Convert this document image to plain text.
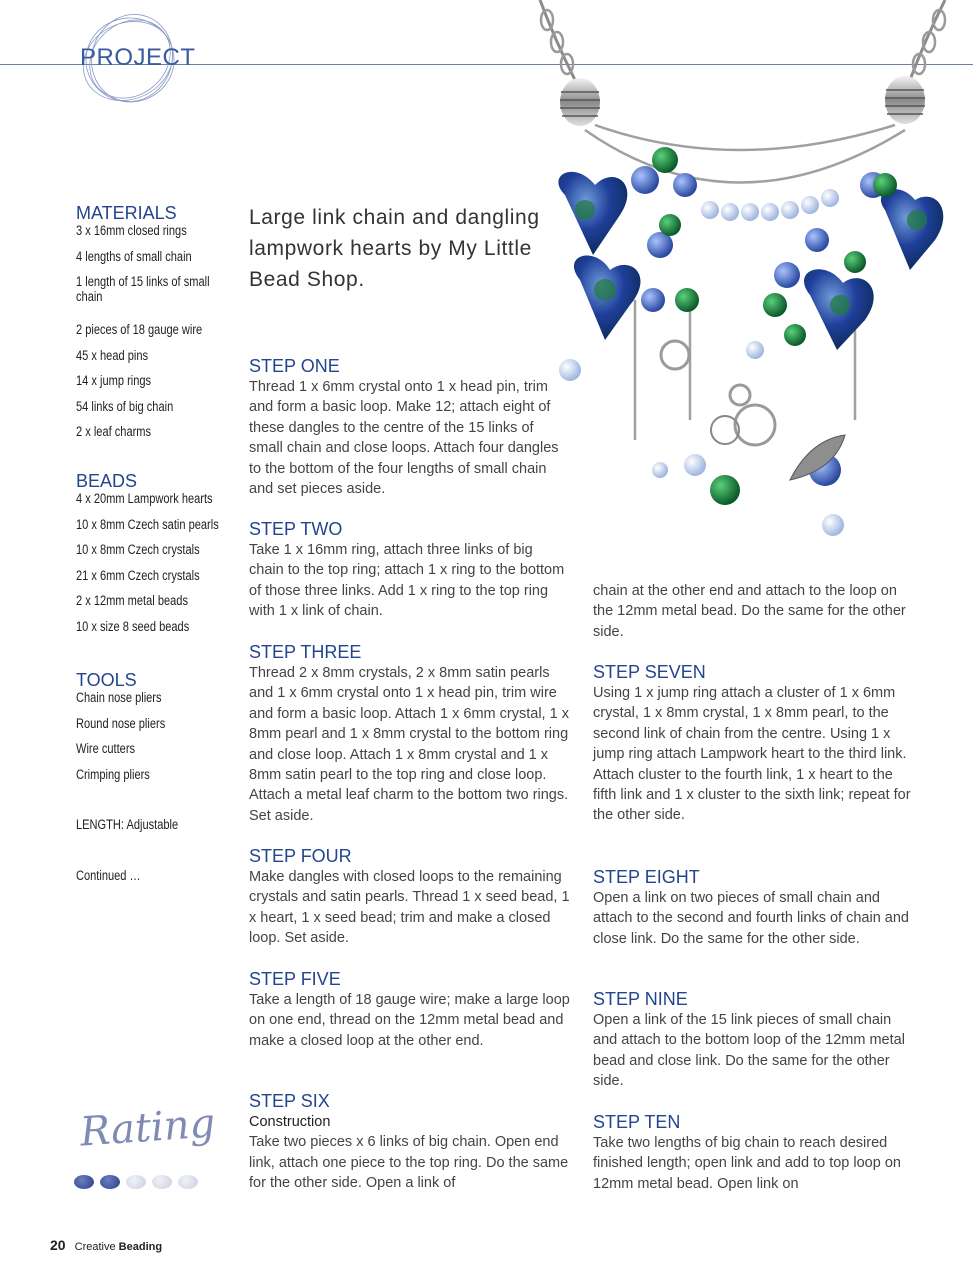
PROJECT
MATERIALS
3 x 16mm closed rings
4 lengths of small chain
1 length of 15 links of small chain
2 pieces of 18 gauge wire
45 x head pins
14 x jump rings
54 links of big chain
2 x leaf charms
BEADS
4 x 20mm Lampwork hearts
10 x 8mm Czech satin pearls
10 x 8mm Czech crystals
21 x 6mm Czech crystals
2 x 12mm metal beads
10 x size 8 seed beads
TOOLS
Chain nose pliers
Round nose pliers
Wire cutters
Crimping pliers
LENGTH: Adjustable
Continued …
Large link chain and dangling lampwork hearts by My Little Bead Shop.
STEP ONE

Thread 1 x 6mm crystal onto 1 x head pin, trim and form a basic loop. Make 12; attach eight of these dangles to the centre of the 15 links of small chain and close loops. Attach four dangles to the bottom of the four lengths of small chain and set pieces aside.

STEP TWO

Take 1 x 16mm ring, attach three links of big chain to the top ring; attach 1 x ring to the bottom of those three links. Add 1 x ring to the top ring with 1 x link of chain.

STEP THREE

Thread 2 x 8mm crystals, 2 x 8mm satin pearls and 1 x 6mm crystal onto 1 x head pin, trim wire and form a basic loop. Attach 1 x 6mm crystal, 1 x 8mm pearl and 1 x 8mm crystal to the bottom ring and close loop. Attach 1 x 8mm crystal and 1 x 8mm satin pearl to the top ring and close loop. Attach a metal leaf charm to the bottom two rings. Set aside.

STEP FOUR

Make dangles with closed loops to the remaining crystals and satin pearls. Thread 1 x seed bead, 1 x heart, 1 x seed bead; trim and make a closed loop. Set aside.

STEP FIVE

Take a length of 18 gauge wire; make a large loop on one end, thread on the 12mm metal bead and make a closed loop at the other end.

STEP SIX

Construction

Take two pieces x 6 links of big chain. Open end link, attach one piece to the top ring. Do the same for the other side. Open a link of

chain at the other end and attach to the loop on the 12mm metal bead. Do the same for the other side.

STEP SEVEN

Using 1 x jump ring attach a cluster of 1 x 6mm crystal, 1 x 8mm crystal, 1 x 8mm pearl, to the second link of chain from the centre. Using 1 x jump ring attach Lampwork heart to the third link. Attach cluster to the fourth link, 1 x heart to the fifth link and 1 x cluster to the sixth link; repeat for the other side.

STEP EIGHT

Open a link on two pieces of small chain and attach to the second and fourth links of chain and close link. Do the same for the other side.

STEP NINE

Open a link of the 15 link pieces of small chain and attach to the bottom loop of the 12mm metal bead and close link. Do the same for the other side.

STEP TEN

Take two lengths of big chain to reach desired finished length; open link and add to top loop on 12mm metal bead. Open link on

Rating
20 Creative Beading
